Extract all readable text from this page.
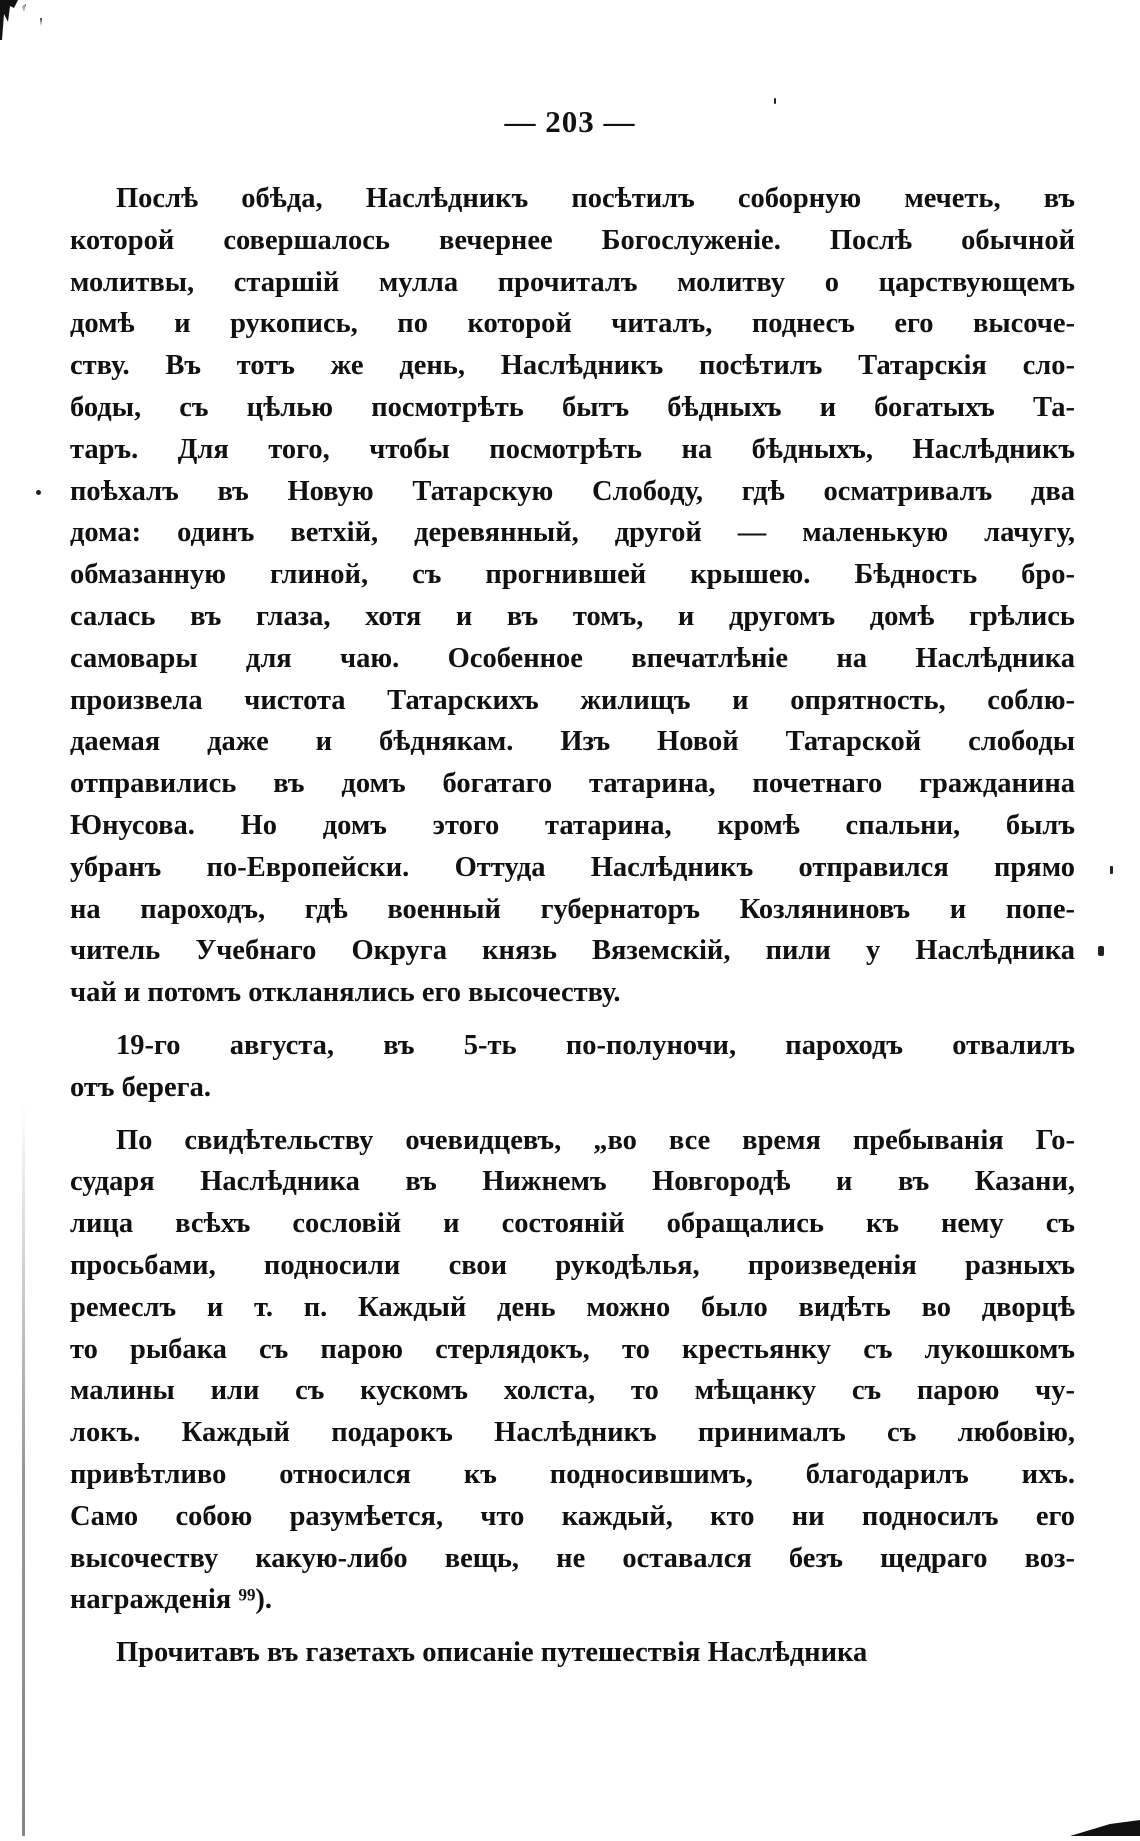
— 203 —
Послѣ обѣда, Наслѣдникъ посѣтилъ соборную мечеть, въ
которой совершалось вечернее Богослуженіе. Послѣ обычной
молитвы, старшій мулла прочиталъ молитву о царствующемъ
домѣ и рукопись, по которой читалъ, поднесъ его высоче-
ству. Въ тотъ же день, Наслѣдникъ посѣтилъ Татарскія сло-
боды, съ цѣлью посмотрѣть бытъ бѣдныхъ и богатыхъ Та-
таръ. Для того, чтобы посмотрѣть на бѣдныхъ, Наслѣдникъ
поѣхалъ въ Новую Татарскую Слободу, гдѣ осматривалъ два
дома: одинъ ветхій, деревянный, другой — маленькую лачугу,
обмазанную глиной, съ прогнившей крышею. Бѣдность бро-
салась въ глаза, хотя и въ томъ, и другомъ домѣ грѣлись
самовары для чаю. Особенное впечатлѣніе на Наслѣдника
произвела чистота Татарскихъ жилищъ и опрятность, соблю-
даемая даже и бѣднякам. Изъ Новой Татарской слободы
отправились въ домъ богатаго татарина, почетнаго гражданина
Юнусова. Но домъ этого татарина, кромѣ спальни, былъ
убранъ по-Европейски. Оттуда Наслѣдникъ отправился прямо
на пароходъ, гдѣ военный губернаторъ Козляниновъ и попе-
читель Учебнаго Округа князь Вяземскій, пили у Наслѣдника
чай и потомъ откланялись его высочеству.
19-го августа, въ 5-ть по-полуночи, пароходъ отвалилъ
отъ берега.
По свидѣтельству очевидцевъ, „во все время пребыванія Го-
сударя Наслѣдника въ Нижнемъ Новгородѣ и въ Казани,
лица всѣхъ сословій и состояній обращались къ нему съ
просьбами, подносили свои рукодѣлья, произведенія разныхъ
ремеслъ и т. п. Каждый день можно было видѣть во дворцѣ
то рыбака съ парою стерлядокъ, то крестьянку съ лукошкомъ
малины или съ кускомъ холста, то мѣщанку съ парою чу-
локъ. Каждый подарокъ Наслѣдникъ принималъ съ любовію,
привѣтливо относился къ подносившимъ, благодарилъ ихъ.
Само собою разумѣется, что каждый, кто ни подносилъ его
высочеству какую-либо вещь, не оставался безъ щедраго воз-
награжденія ⁹⁹).
Прочитавъ въ газетахъ описаніе путешествія Наслѣдника
